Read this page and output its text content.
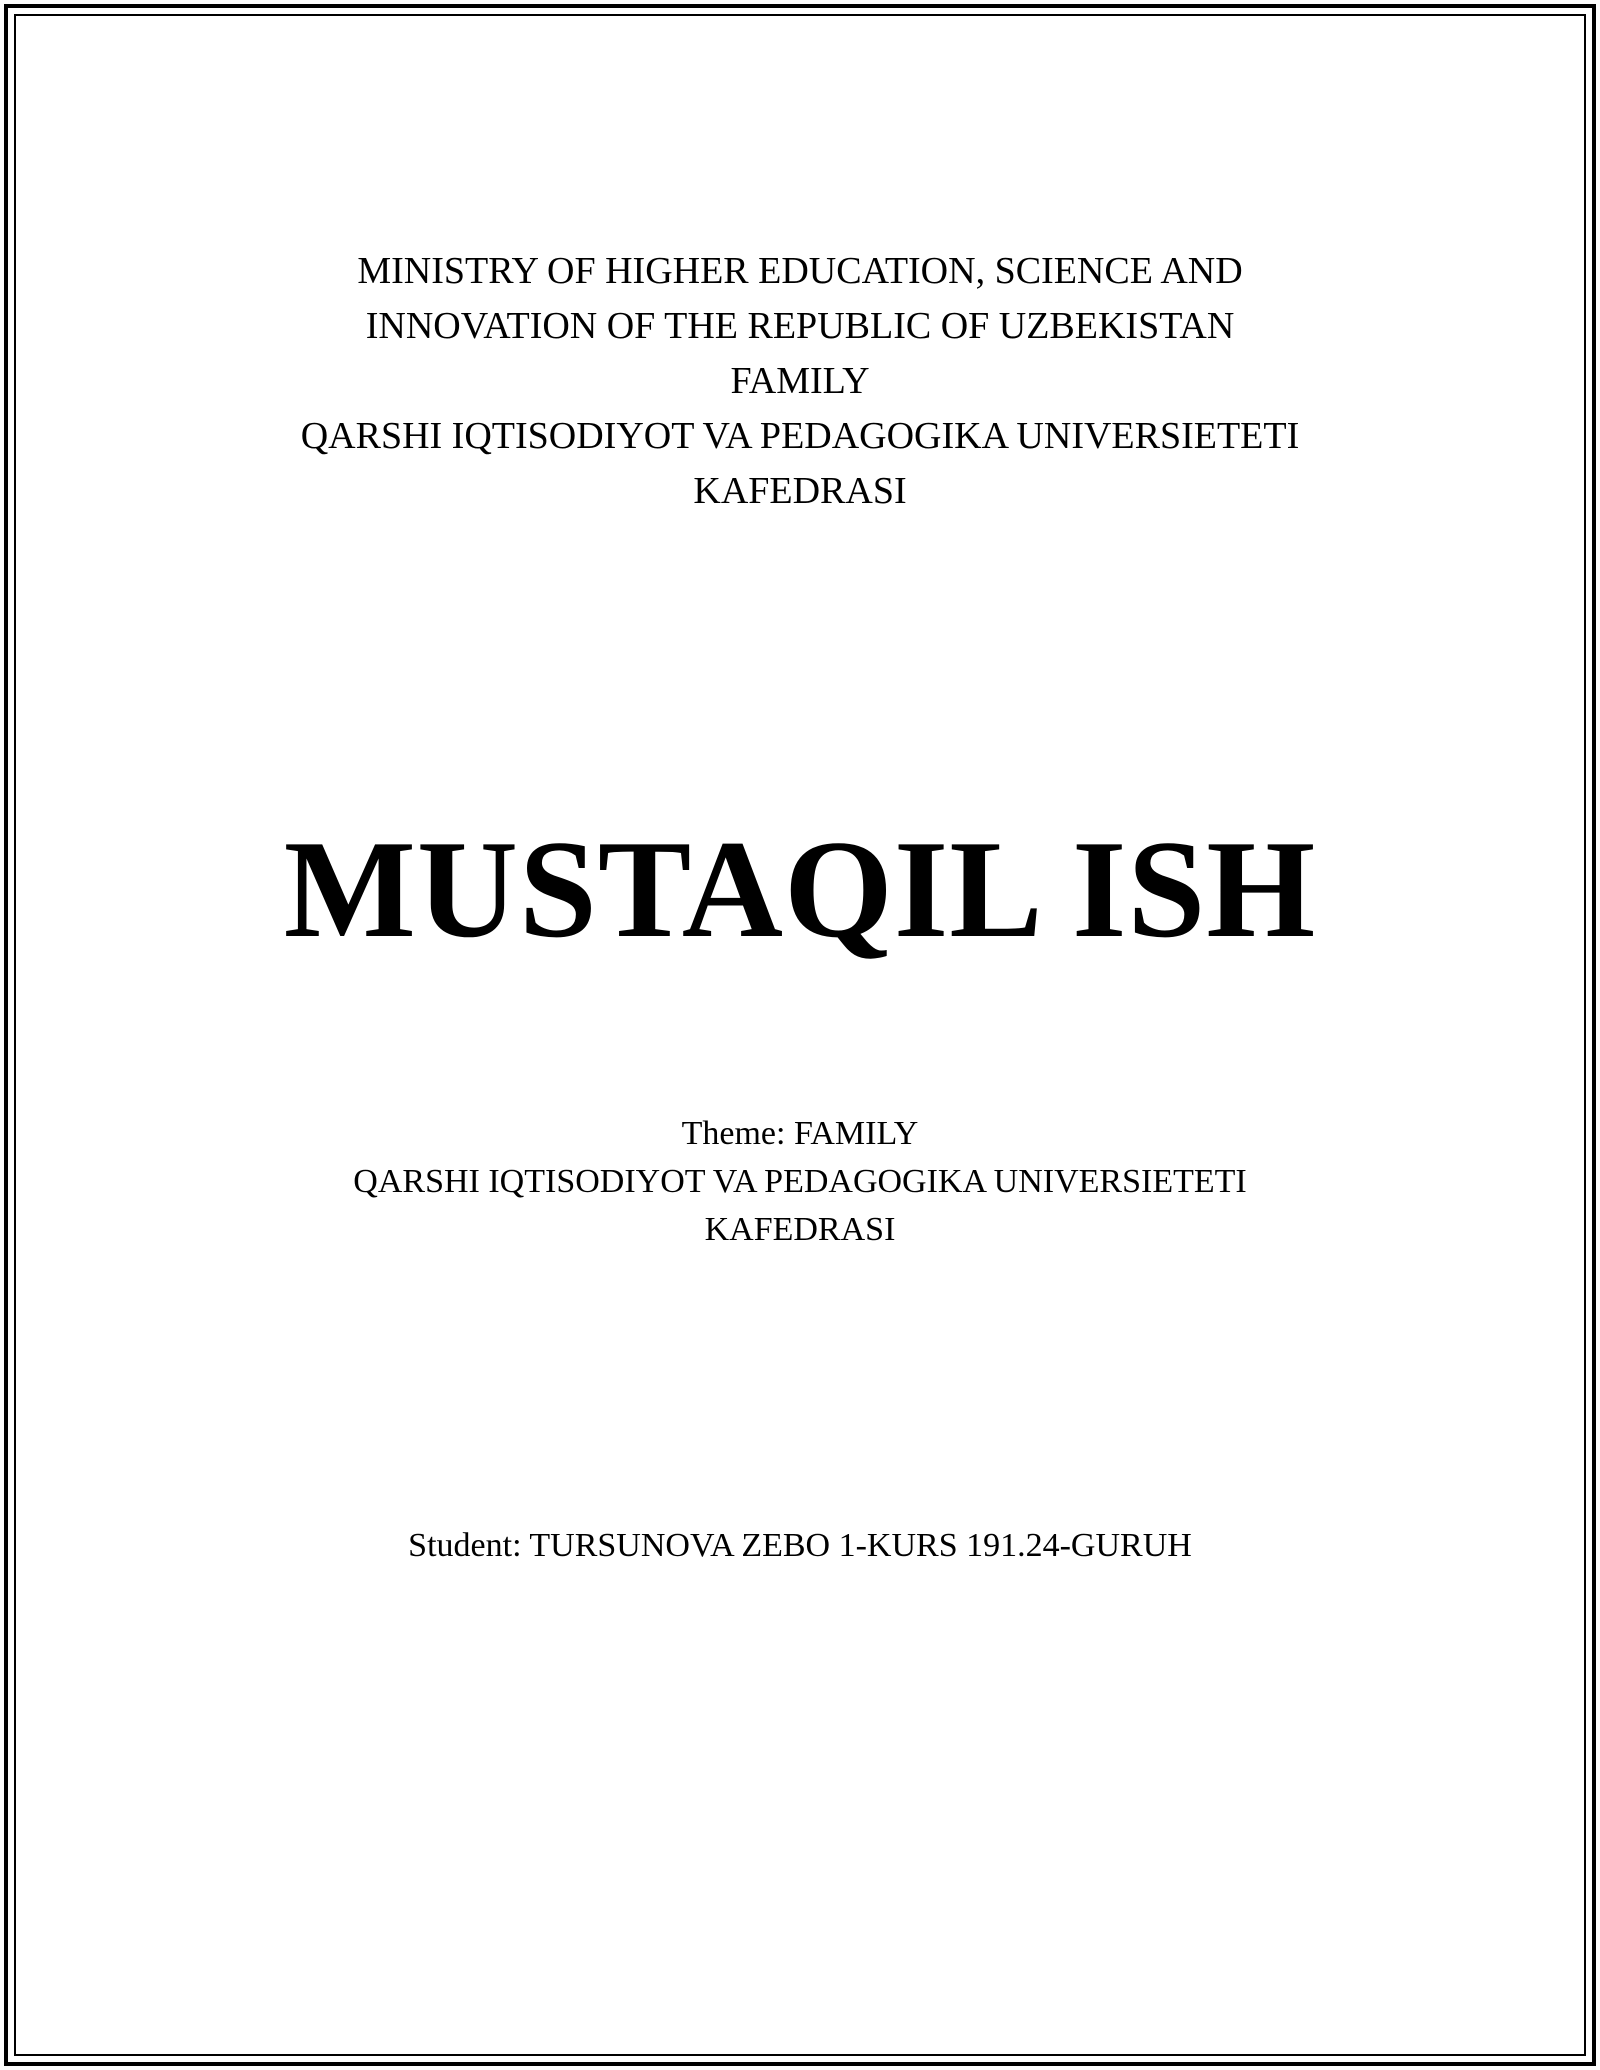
MINISTRY OF HIGHER EDUCATION, SCIENCE AND
INNOVATION OF THE REPUBLIC OF UZBEKISTAN
FAMILY
QARSHI IQTISODIYOT VA PEDAGOGIKA UNIVERSIETETI
KAFEDRASI
MUSTAQIL ISH
Theme: FAMILY
QARSHI IQTISODIYOT VA PEDAGOGIKA UNIVERSIETETI
KAFEDRASI
Student: TURSUNOVA ZEBO 1-KURS 191.24-GURUH
